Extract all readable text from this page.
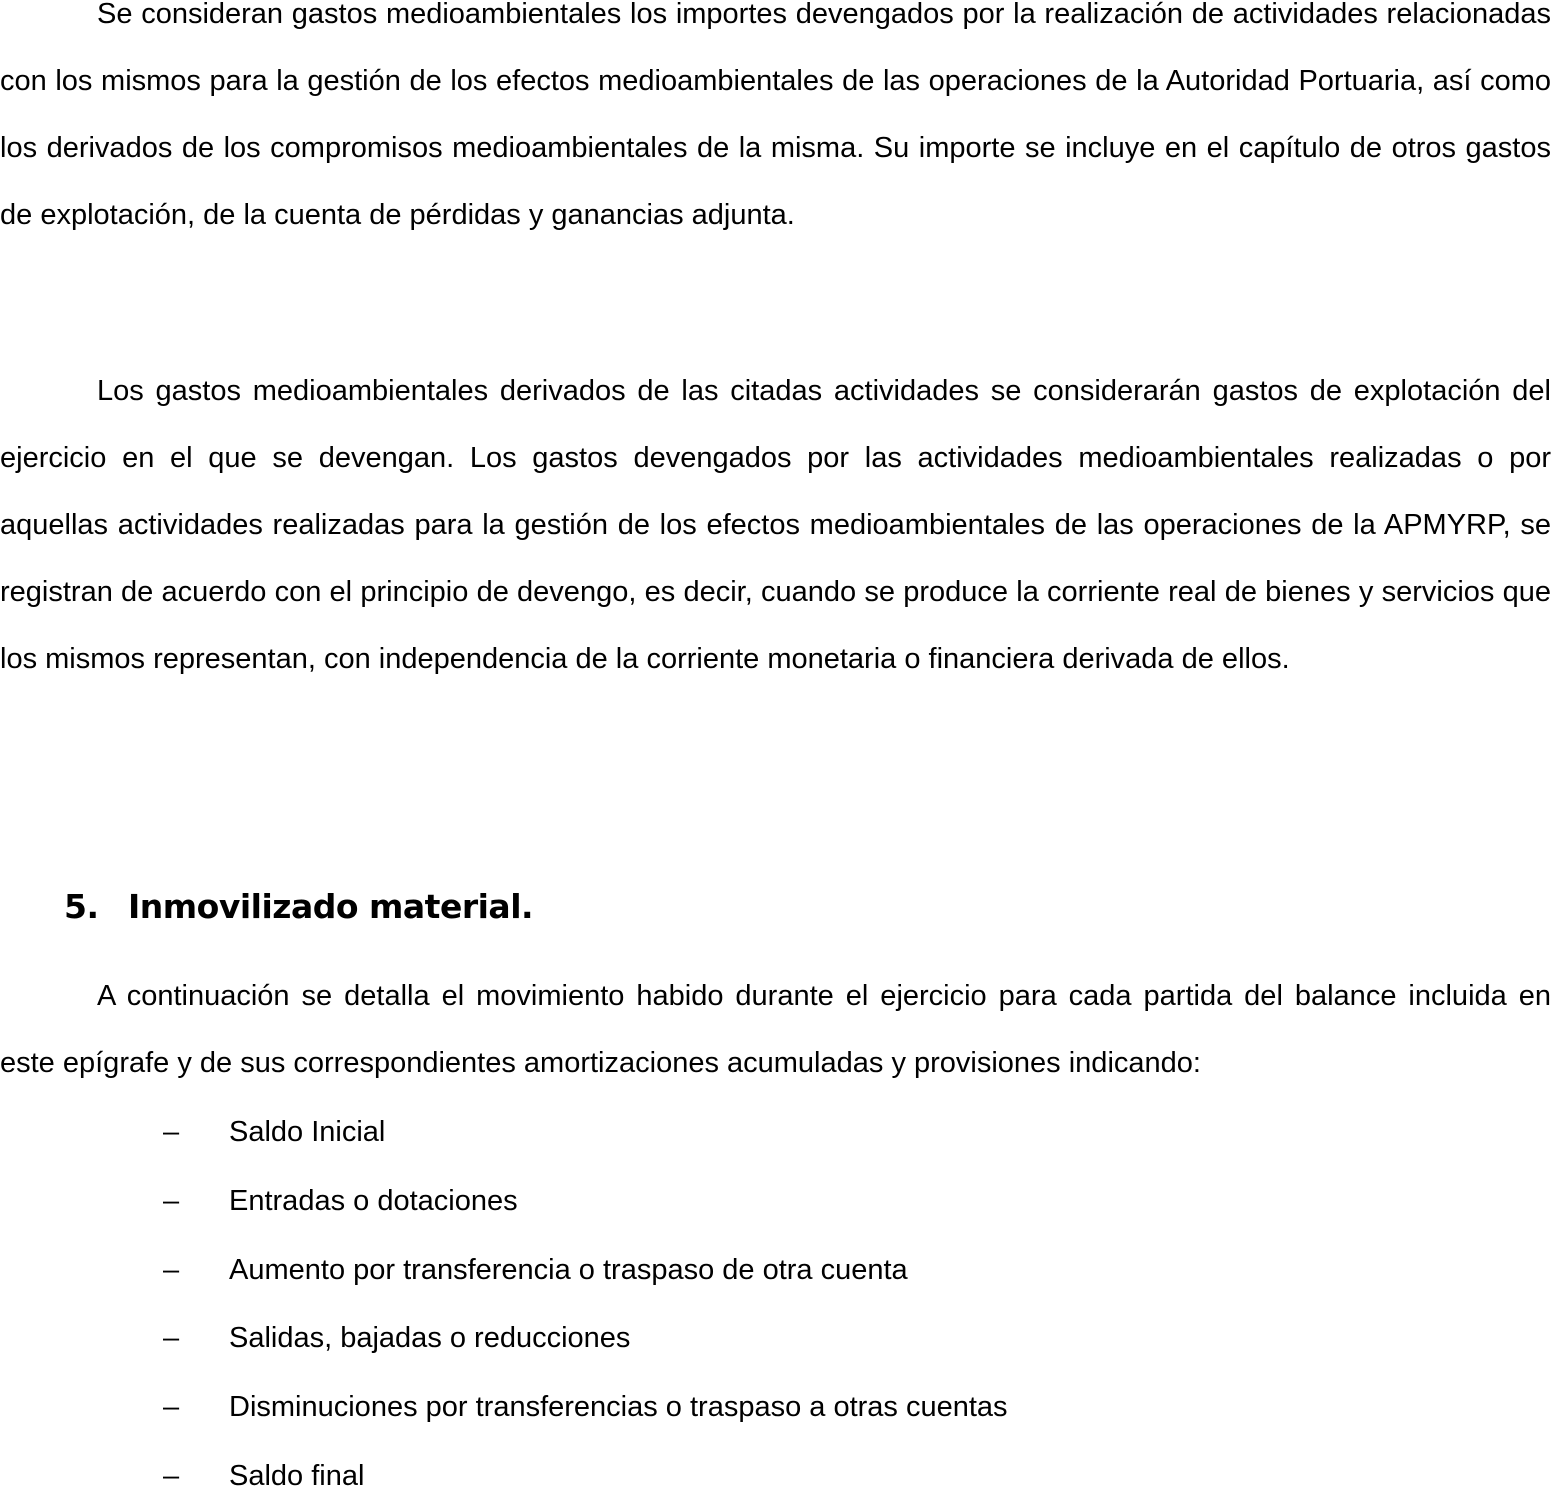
Se consideran gastos medioambientales los importes devengados por la realización de actividades relacionadas con los mismos para la gestión de los efectos medioambientales de las operaciones de la Autoridad Portuaria, así como los derivados de los compromisos medioambientales de la misma. Su importe se incluye en el capítulo de otros gastos de explotación, de la cuenta de pérdidas y ganancias adjunta.

Los gastos medioambientales derivados de las citadas actividades se considerarán gastos de explotación del ejercicio en el que se devengan. Los gastos devengados por las actividades medioambientales realizadas o por aquellas actividades realizadas para la gestión de los efectos medioambientales de las operaciones de la APMYRP, se registran de acuerdo con el principio de devengo, es decir, cuando se produce la corriente real de bienes y servicios que los mismos representan, con independencia de la corriente monetaria o financiera derivada de ellos.

5. Inmovilizado material.

A continuación se detalla el movimiento habido durante el ejercicio para cada partida del balance incluida en este epígrafe y de sus correspondientes amortizaciones acumuladas y provisiones indicando:

– Saldo Inicial
– Entradas o dotaciones
– Aumento por transferencia o traspaso de otra cuenta
– Salidas, bajadas o reducciones
– Disminuciones por transferencias o traspaso a otras cuentas
– Saldo final
